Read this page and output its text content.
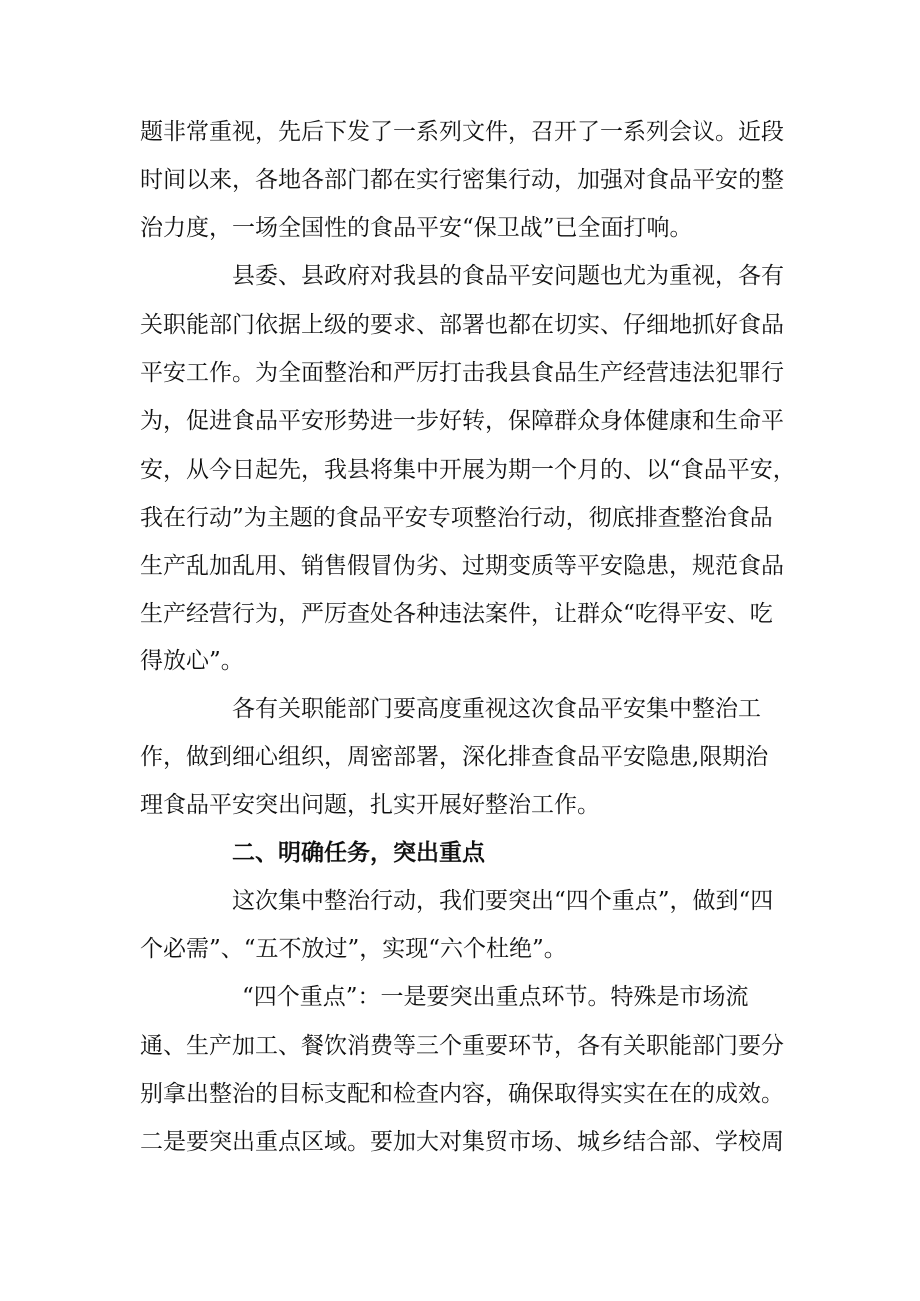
题非常重视，先后下发了一系列文件，召开了一系列会议。近段

时间以来，各地各部门都在实行密集行动，加强对食品平安的整

治力度，一场全国性的食品平安“保卫战”已全面打响。

县委、县政府对我县的食品平安问题也尤为重视，各有

关职能部门依据上级的要求、部署也都在切实、仔细地抓好食品

平安工作。为全面整治和严厉打击我县食品生产经营违法犯罪行

为，促进食品平安形势进一步好转，保障群众身体健康和生命平

安，从今日起先，我县将集中开展为期一个月的、以“食品平安，

我在行动”为主题的食品平安专项整治行动，彻底排查整治食品

生产乱加乱用、销售假冒伪劣、过期变质等平安隐患，规范食品

生产经营行为，严厉查处各种违法案件，让群众“吃得平安、吃

得放心”。

各有关职能部门要高度重视这次食品平安集中整治工

作，做到细心组织，周密部署，深化排查食品平安隐患,限期治

理食品平安突出问题，扎实开展好整治工作。

二、明确任务，突出重点

这次集中整治行动，我们要突出“四个重点”，做到“四

个必需”、“五不放过”，实现“六个杜绝”。

“四个重点”：一是要突出重点环节。特殊是市场流

通、生产加工、餐饮消费等三个重要环节，各有关职能部门要分

别拿出整治的目标支配和检查内容，确保取得实实在在的成效。

二是要突出重点区域。要加大对集贸市场、城乡结合部、学校周
